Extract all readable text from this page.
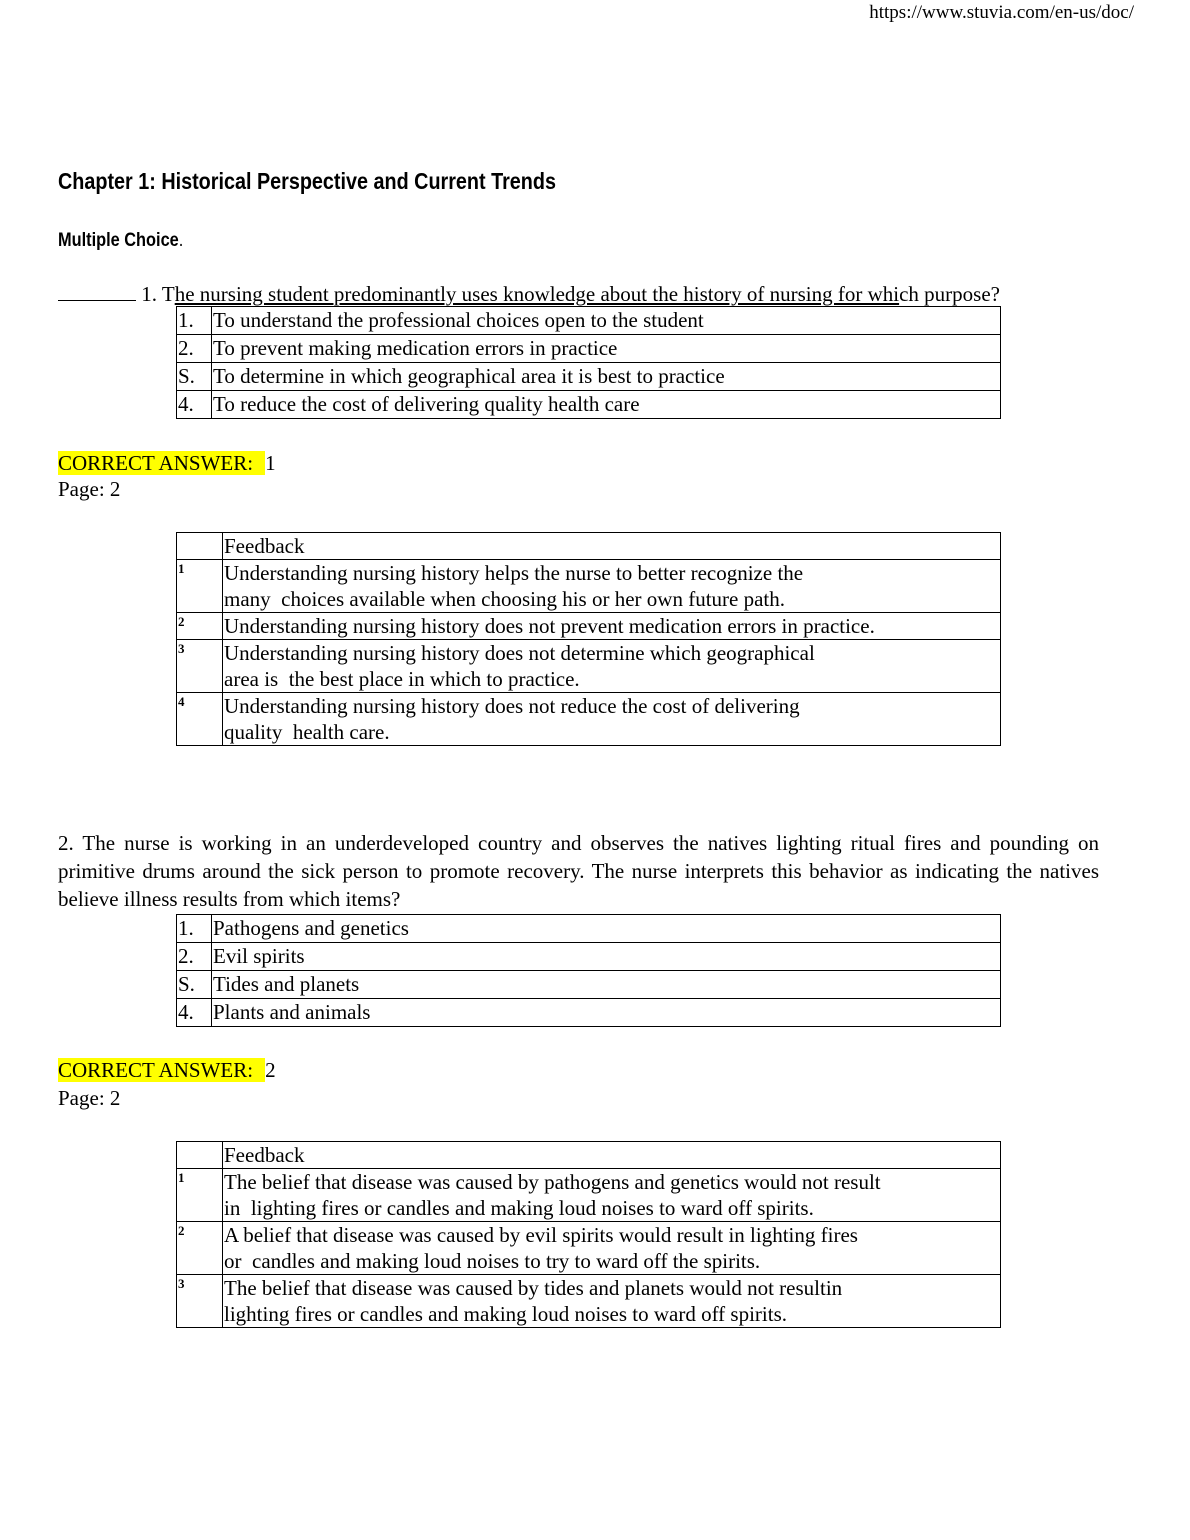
https://www.stuvia.com/en-us/doc/
Chapter 1: Historical Perspective and Current Trends
Multiple Choice.
1. The nursing student predominantly uses knowledge about the history of nursing for which purpose?
1.	To understand the professional choices open to the student
2.	To prevent making medication errors in practice
S.	To determine in which geographical area it is best to practice
4.	To reduce the cost of delivering quality health care
CORRECT ANSWER: 1
Page: 2
	Feedback
1	Understanding nursing history helps the nurse to better recognize the
many  choices available when choosing his or her own future path.

2	Understanding nursing history does not prevent medication errors in practice.

3	Understanding nursing history does not determine which geographical
area is  the best place in which to practice.

4	Understanding nursing history does not reduce the cost of delivering
quality  health care.
2. The nurse is working in an underdeveloped country and observes the natives lighting ritual fires and pounding on primitive drums around the sick person to promote recovery. The nurse interprets this behavior as indicating the natives believe illness results from which items?
1.	Pathogens and genetics
2.	Evil spirits
S.	Tides and planets
4.	Plants and animals
CORRECT ANSWER: 2
Page: 2
	Feedback
1	The belief that disease was caused by pathogens and genetics would not result
in  lighting fires or candles and making loud noises to ward off spirits.

2	A belief that disease was caused by evil spirits would result in lighting fires
or  candles and making loud noises to try to ward off the spirits.

3	The belief that disease was caused by tides and planets would not resultin
lighting fires or candles and making loud noises to ward off spirits.
